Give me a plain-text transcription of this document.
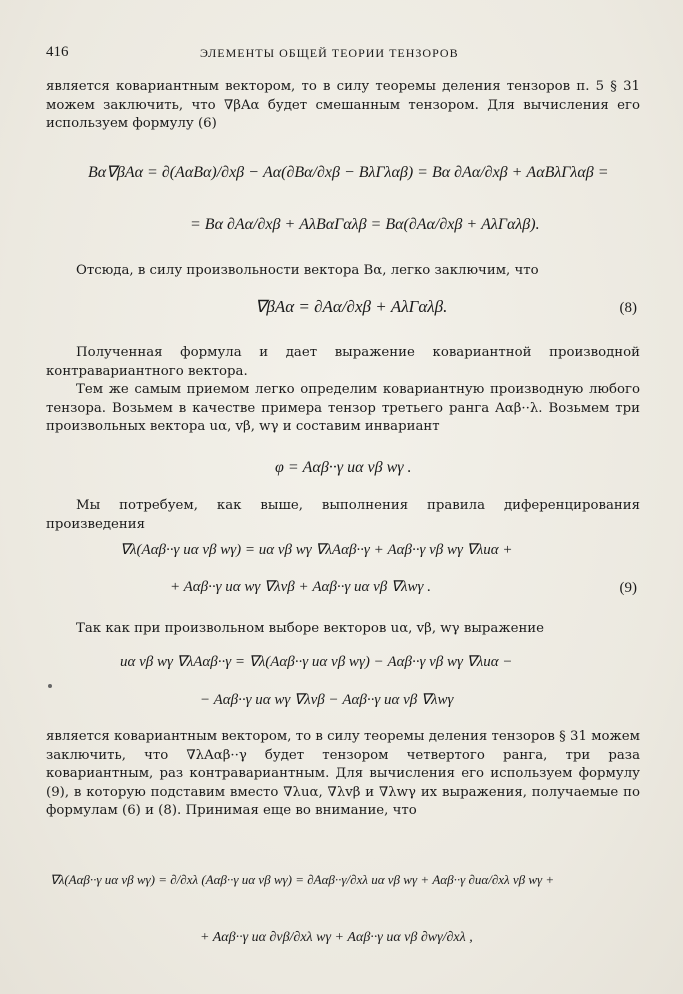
416	ЭЛЕМЕНТЫ ОБЩЕЙ ТЕОРИИ ТЕНЗОРОВ
является ковариантным вектором, то в силу теоремы деления тензоров п. 5 § 31 можем заключить, что ∇βAα будет смешанным тензором. Для вычисления его используем формулу (6)
Bα∇βAα = ∂(AαBα)/∂xβ − Aα(∂Bα/∂xβ − BλΓλαβ) = Bα ∂Aα/∂xβ + AαBλΓλαβ =
= Bα ∂Aα/∂xβ + AλBαΓαλβ = Bα(∂Aα/∂xβ + AλΓαλβ).
Отсюда, в силу произвольности вектора Bα, легко заключим, что
∇βAα = ∂Aα/∂xβ + AλΓαλβ.	(8)
Полученная формула и дает выражение ковариантной производной контравариантного вектора.
Тем же самым приемом легко определим ковариантную производную любого тензора. Возьмем в качестве примера тензор третьего ранга Aαβ··λ. Возьмем три произвольных вектора uα, vβ, wγ и составим инвариант
φ = Aαβ··γ uα vβ wγ .
Мы потребуем, как выше, выполнения правила диференцирования произведения
∇λ(Aαβ··γ uα vβ wγ) = uα vβ wγ ∇λAαβ··γ + Aαβ··γ vβ wγ ∇λuα +
+ Aαβ··γ uα wγ ∇λvβ + Aαβ··γ uα vβ ∇λwγ .	(9)
Так как при произвольном выборе векторов uα, vβ, wγ выражение
uα vβ wγ ∇λAαβ··γ = ∇λ(Aαβ··γ uα vβ wγ) − Aαβ··γ vβ wγ ∇λuα −
− Aαβ··γ uα wγ ∇λvβ − Aαβ··γ uα vβ ∇λwγ
является ковариантным вектором, то в силу теоремы деления тензоров § 31 можем заключить, что ∇λAαβ··γ будет тензором четвертого ранга, три раза ковариантным, раз контравариантным. Для вычисления его используем формулу (9), в которую подставим вместо ∇λuα, ∇λvβ и ∇λwγ их выражения, получаемые по формулам (6) и (8). Принимая еще во внимание, что
∇λ(Aαβ··γ uα vβ wγ) = ∂/∂xλ (Aαβ··γ uα vβ wγ) = ∂Aαβ··γ/∂xλ uα vβ wγ + Aαβ··γ ∂uα/∂xλ vβ wγ +
+ Aαβ··γ uα ∂vβ/∂xλ wγ + Aαβ··γ uα vβ ∂wγ/∂xλ ,
